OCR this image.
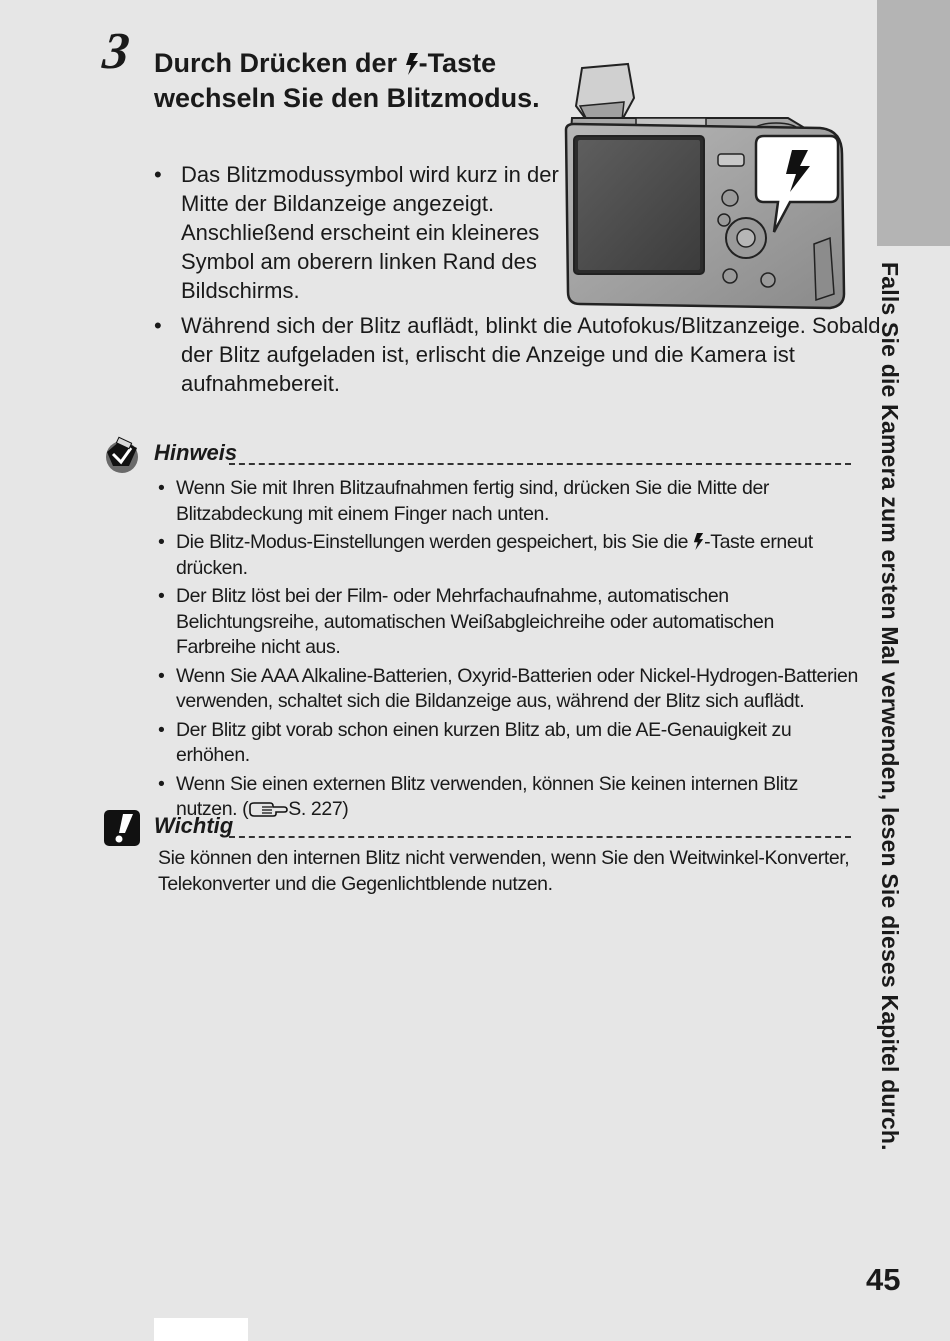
Falls Sie die Kamera zum ersten Mal verwenden, lesen Sie dieses Kapitel durch.
45
3 Durch Drücken der -Taste wechseln Sie den Blitzmodus.
• Das Blitzmodussymbol wird kurz in der Mitte der Bildanzeige angezeigt. Anschließend erscheint ein kleineres Symbol am oberern linken Rand des Bildschirms.
• Während sich der Blitz auflädt, blinkt die Autofokus/Blitzanzeige. Sobald der Blitz aufgeladen ist, erlischt die Anzeige und die Kamera ist aufnahmebereit.
Hinweis
• Wenn Sie mit Ihren Blitzaufnahmen fertig sind, drücken Sie die Mitte der Blitzabdeckung mit einem Finger nach unten.
• Die Blitz-Modus-Einstellungen werden gespeichert, bis Sie die -Taste erneut drücken.
• Der Blitz löst bei der Film- oder Mehrfachaufnahme, automatischen Belichtungsreihe, automatischen Weißabgleichreihe oder automatischen Farbreihe nicht aus.
• Wenn Sie AAA Alkaline-Batterien, Oxyrid-Batterien oder Nickel-Hydrogen-Batterien verwenden, schaltet sich die Bildanzeige aus, während der Blitz sich auflädt.
• Der Blitz gibt vorab schon einen kurzen Blitz ab, um die AE-Genauigkeit zu erhöhen.
• Wenn Sie einen externen Blitz verwenden, können Sie keinen internen Blitz nutzen. ( S. 227)
Wichtig

Sie können den internen Blitz nicht verwenden, wenn Sie den Weitwinkel-Konverter, Telekonverter und die Gegenlichtblende nutzen.
